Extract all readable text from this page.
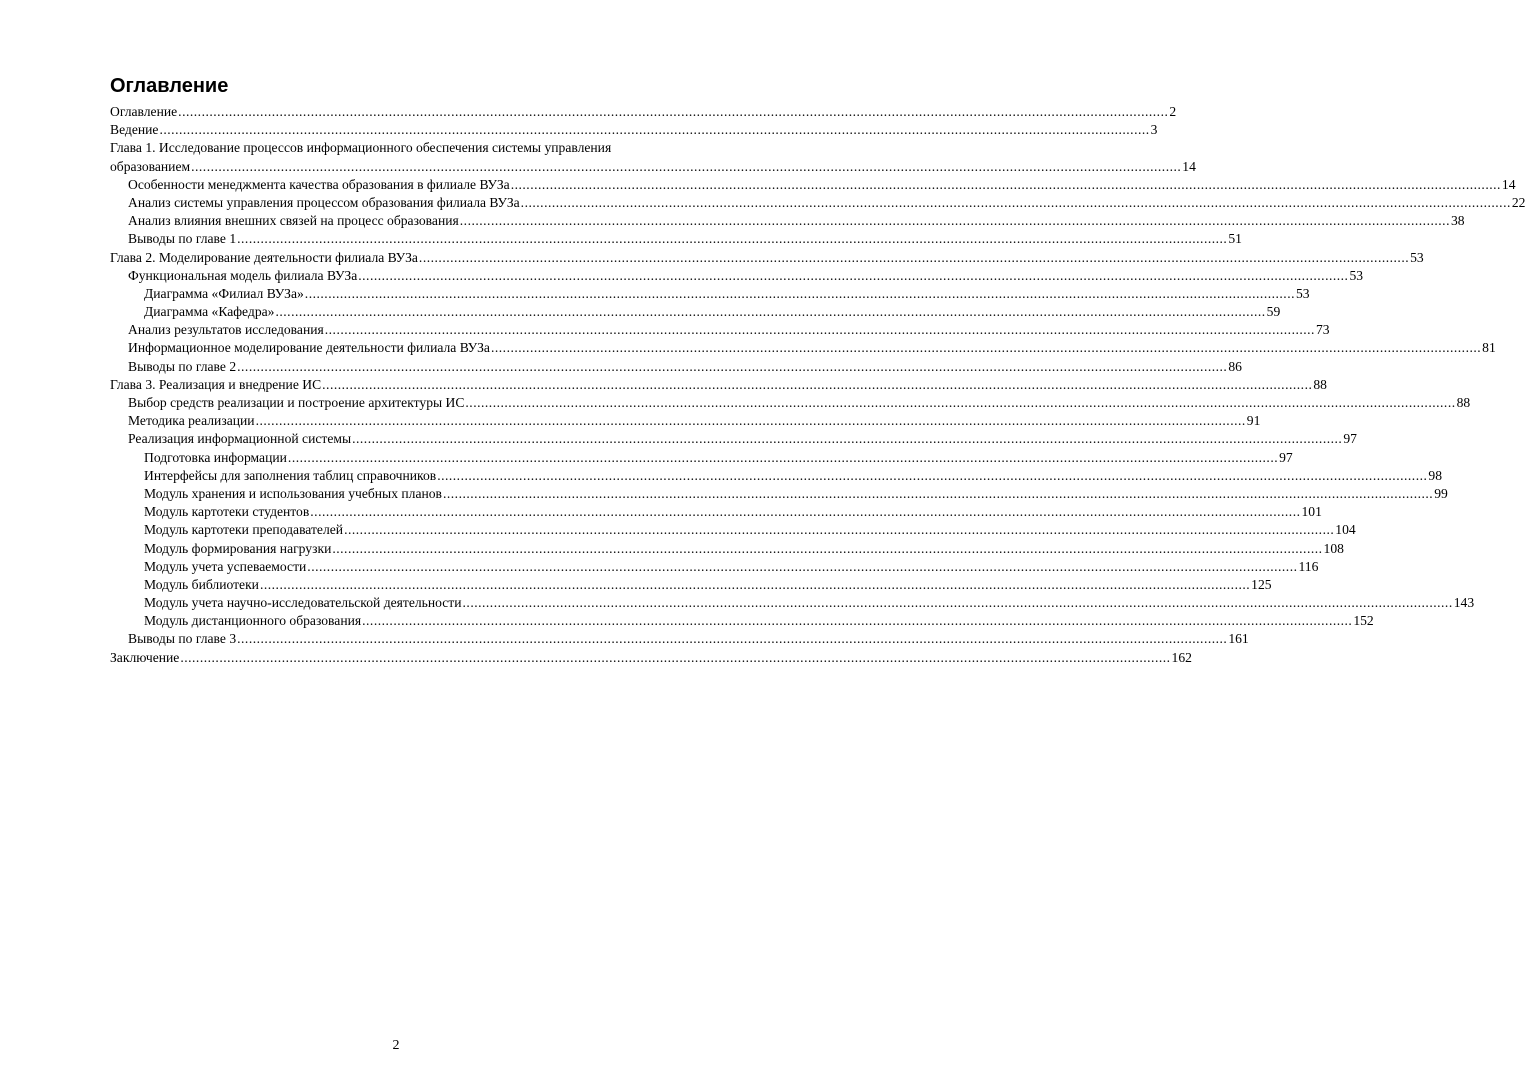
Оглавление
Оглавление .....	2
Ведение .....	3
Глава 1. Исследование процессов информационного обеспечения системы управления
образованием .....	14
Особенности менеджмента качества образования в филиале ВУЗа .....	14
Анализ системы управления процессом образования филиала ВУЗа .....	22
Анализ влияния внешних связей на процесс образования .....	38
Выводы по главе 1 .....	51
Глава 2. Моделирование деятельности филиала ВУЗа .....	53
Функциональная модель филиала ВУЗа .....	53
Диаграмма «Филиал ВУЗа» .....	53
Диаграмма «Кафедра» .....	59
Анализ результатов исследования .....	73
Информационное моделирование деятельности филиала ВУЗа .....	81
Выводы по главе 2 .....	86
Глава 3. Реализация и внедрение ИС .....	88
Выбор средств реализации и построение архитектуры ИС .....	88
Методика реализации .....	91
Реализация информационной системы .....	97
Подготовка информации .....	97
Интерфейсы для заполнения таблиц справочников .....	98
Модуль хранения и использования учебных планов .....	99
Модуль картотеки студентов .....	101
Модуль картотеки преподавателей .....	104
Модуль формирования нагрузки .....	108
Модуль учета успеваемости .....	116
Модуль библиотеки .....	125
Модуль учета научно-исследовательской деятельности .....	143
Модуль дистанционного образования .....	152
Выводы по главе 3 .....	161
Заключение .....	162
2
